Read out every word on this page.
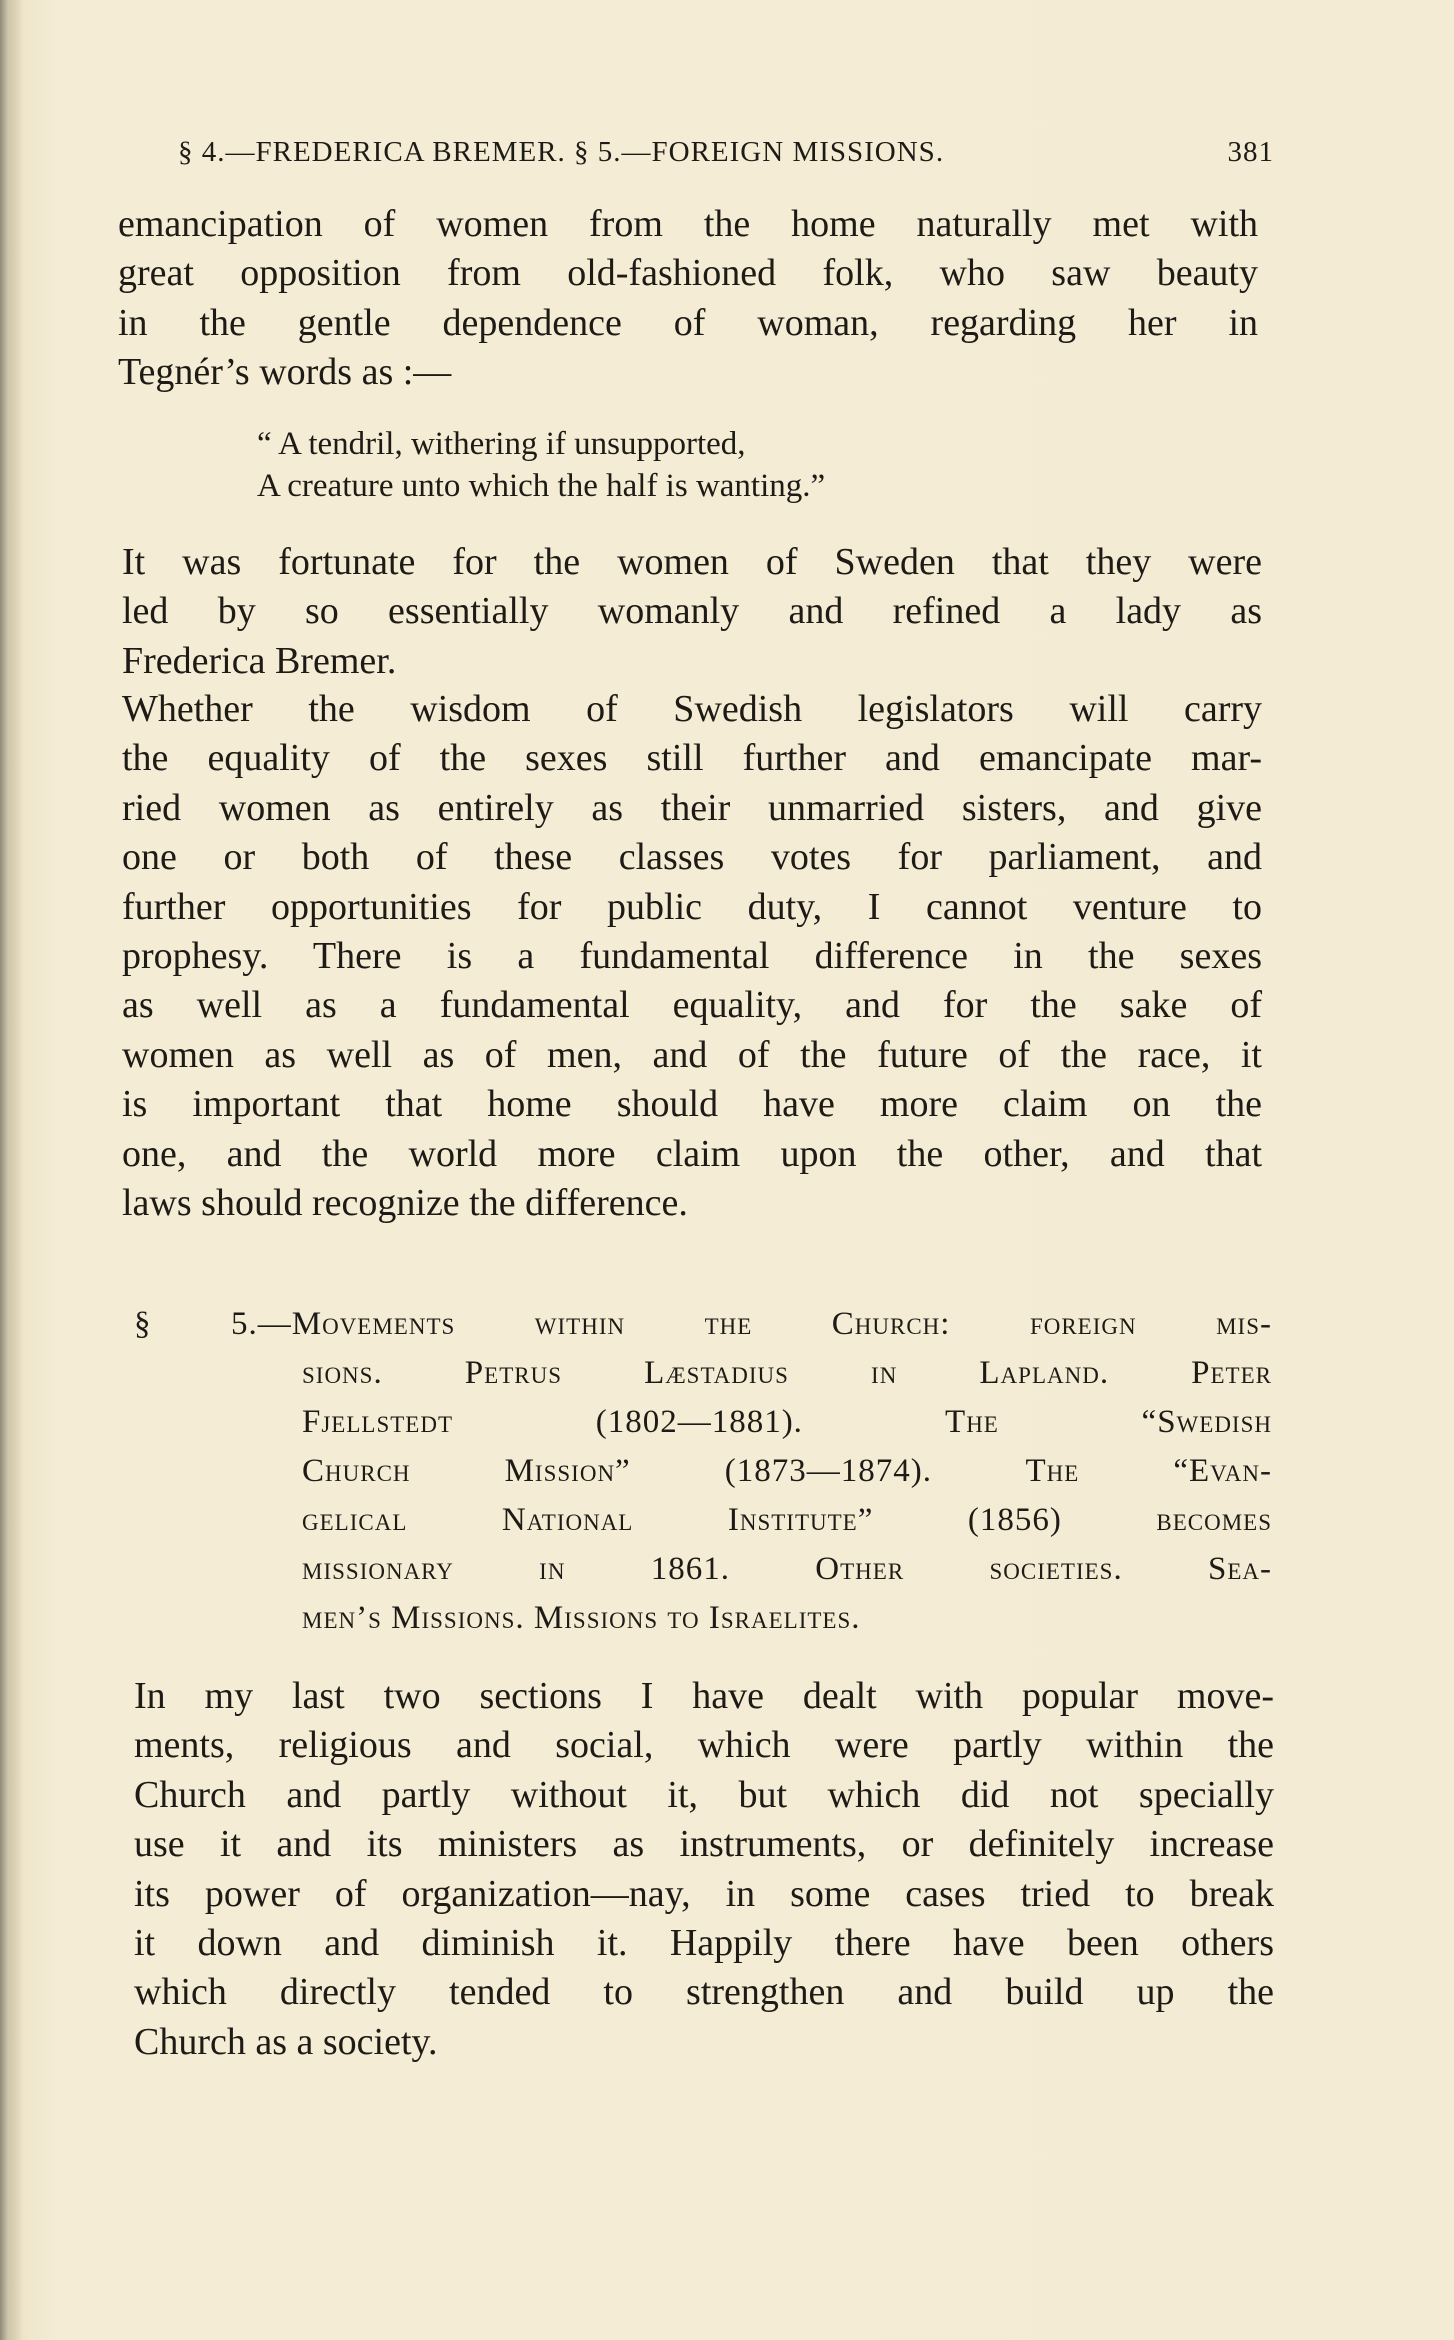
§ 4.—FREDERICA BREMER. § 5.—FOREIGN MISSIONS.	381
emancipation of women from the home naturally met with
great opposition from old-fashioned folk, who saw beauty
in the gentle dependence of woman, regarding her in
Tegnér’s words as :—
“ A tendril, withering if unsupported,
A creature unto which the half is wanting.”
It was fortunate for the women of Sweden that they were
led by so essentially womanly and refined a lady as
Frederica Bremer.
Whether the wisdom of Swedish legislators will carry
the equality of the sexes still further and emancipate mar-
ried women as entirely as their unmarried sisters, and give
one or both of these classes votes for parliament, and
further opportunities for public duty, I cannot venture to
prophesy. There is a fundamental difference in the sexes
as well as a fundamental equality, and for the sake of
women as well as of men, and of the future of the race, it
is important that home should have more claim on the
one, and the world more claim upon the other, and that
laws should recognize the difference.
§ 5.—Movements within the Church: foreign mis-
sions. Petrus Læstadius in Lapland. Peter
Fjellstedt (1802—1881). The “Swedish
Church Mission” (1873—1874). The “Evan-
gelical National Institute” (1856) becomes
missionary in 1861. Other societies. Sea-
men’s Missions. Missions to Israelites.
In my last two sections I have dealt with popular move-
ments, religious and social, which were partly within the
Church and partly without it, but which did not specially
use it and its ministers as instruments, or definitely increase
its power of organization—nay, in some cases tried to break
it down and diminish it. Happily there have been others
which directly tended to strengthen and build up the
Church as a society.
